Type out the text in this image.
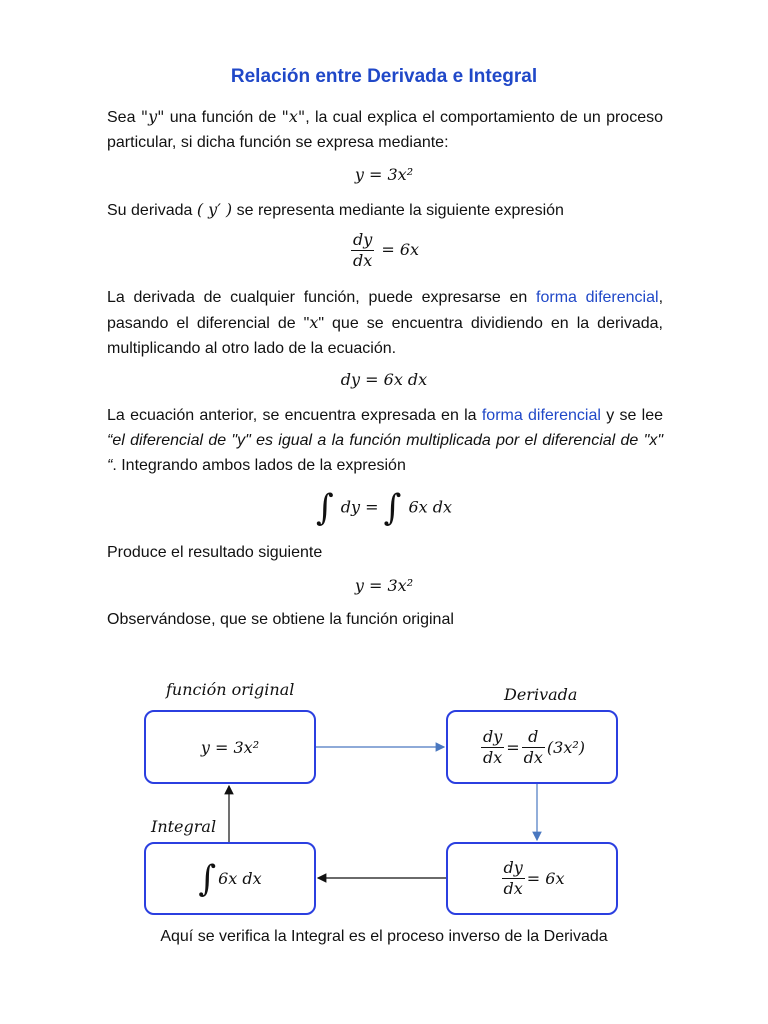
Relación entre Derivada e Integral
Sea "y" una función de "x", la cual explica el comportamiento de un proceso particular, si dicha función se expresa mediante:
y = 3x²
Su derivada ( y′ ) se representa mediante la siguiente expresión
$\frac{dy}{dx} = 6x$
La derivada de cualquier función, puede expresarse en forma diferencial, pasando el diferencial de "x" que se encuentra dividiendo en la derivada, multiplicando al otro lado de la ecuación.
dy = 6x dx
La ecuación anterior, se encuentra expresada en la forma diferencial y se lee “el diferencial de "y" es igual a la función multiplicada por el diferencial de "x" “. Integrando ambos lados de la expresión
∫ dy = ∫ 6x dx
Produce el resultado siguiente
y = 3x²
Observándose, que se obtiene la función original
función original	Derivada
Integral
y = 3x²	$\frac{dy}{dx} = \frac{d}{dx} (3x^2)$
∫ 6x dx	$\frac{dy}{dx} = 6x$
Aquí se verifica la Integral es el proceso inverso de la Derivada
